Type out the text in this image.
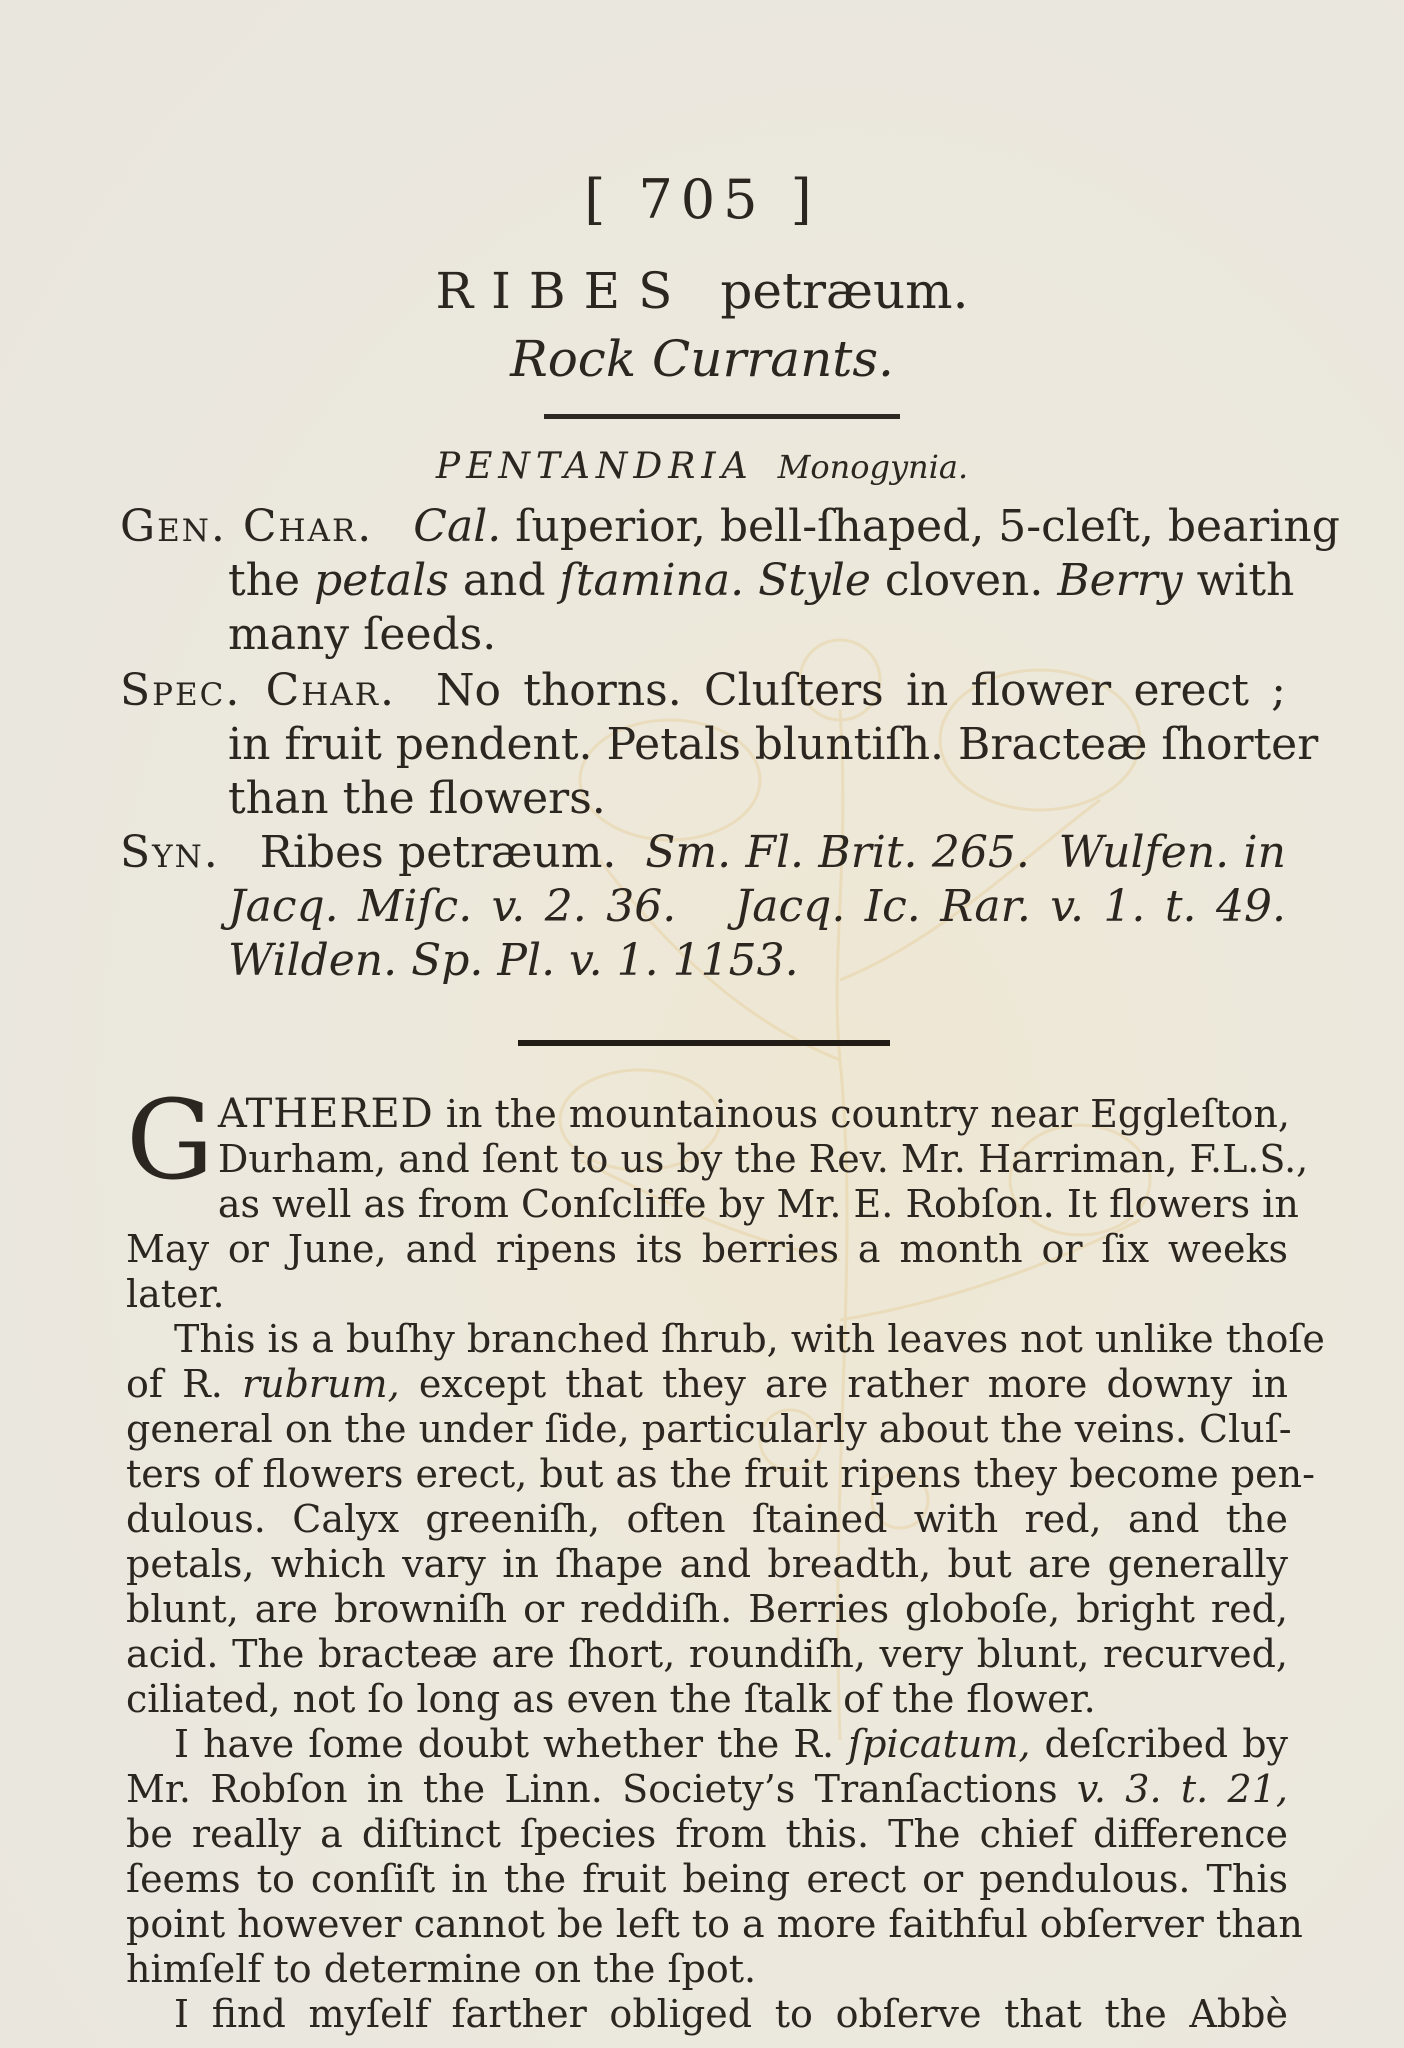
[ 705 ]
RIBES petræum.
Rock Currants.
PENTANDRIA Monogynia.
Gen. Char. Cal. ſuperior, bell-ſhaped, 5-cleſt, bearing
the petals and ſtamina. Style cloven. Berry with
many ſeeds.
Spec. Char. No thorns. Cluſters in flower erect ;
in fruit pendent. Petals bluntiſh. Bracteæ ſhorter
than the flowers.
Syn. Ribes petræum. Sm. Fl. Brit. 265. Wulfen. in
Jacq. Miſc. v. 2. 36. Jacq. Ic. Rar. v. 1. t. 49.
Wilden. Sp. Pl. v. 1. 1153.
G ATHERED in the mountainous country near Eggleſton,
Durham, and ſent to us by the Rev. Mr. Harriman, F.L.S.,
as well as from Conſcliffe by Mr. E. Robſon. It flowers in
May or June, and ripens its berries a month or ſix weeks
later.
This is a buſhy branched ſhrub, with leaves not unlike thoſe
of R. rubrum, except that they are rather more downy in
general on the under ſide, particularly about the veins. Cluſ-
ters of flowers erect, but as the fruit ripens they become pen-
dulous. Calyx greeniſh, often ſtained with red, and the
petals, which vary in ſhape and breadth, but are generally
blunt, are browniſh or reddiſh. Berries globoſe, bright red,
acid. The bracteæ are ſhort, roundiſh, very blunt, recurved,
ciliated, not ſo long as even the ſtalk of the flower.
I have ſome doubt whether the R. ſpicatum, deſcribed by
Mr. Robſon in the Linn. Society’s Tranſactions v. 3. t. 21,
be really a diſtinct ſpecies from this. The chief difference
ſeems to conſiſt in the fruit being erect or pendulous. This
point however cannot be left to a more faithful obſerver than
himſelf to determine on the ſpot.
I find myſelf farther obliged to obſerve that the Abbè
